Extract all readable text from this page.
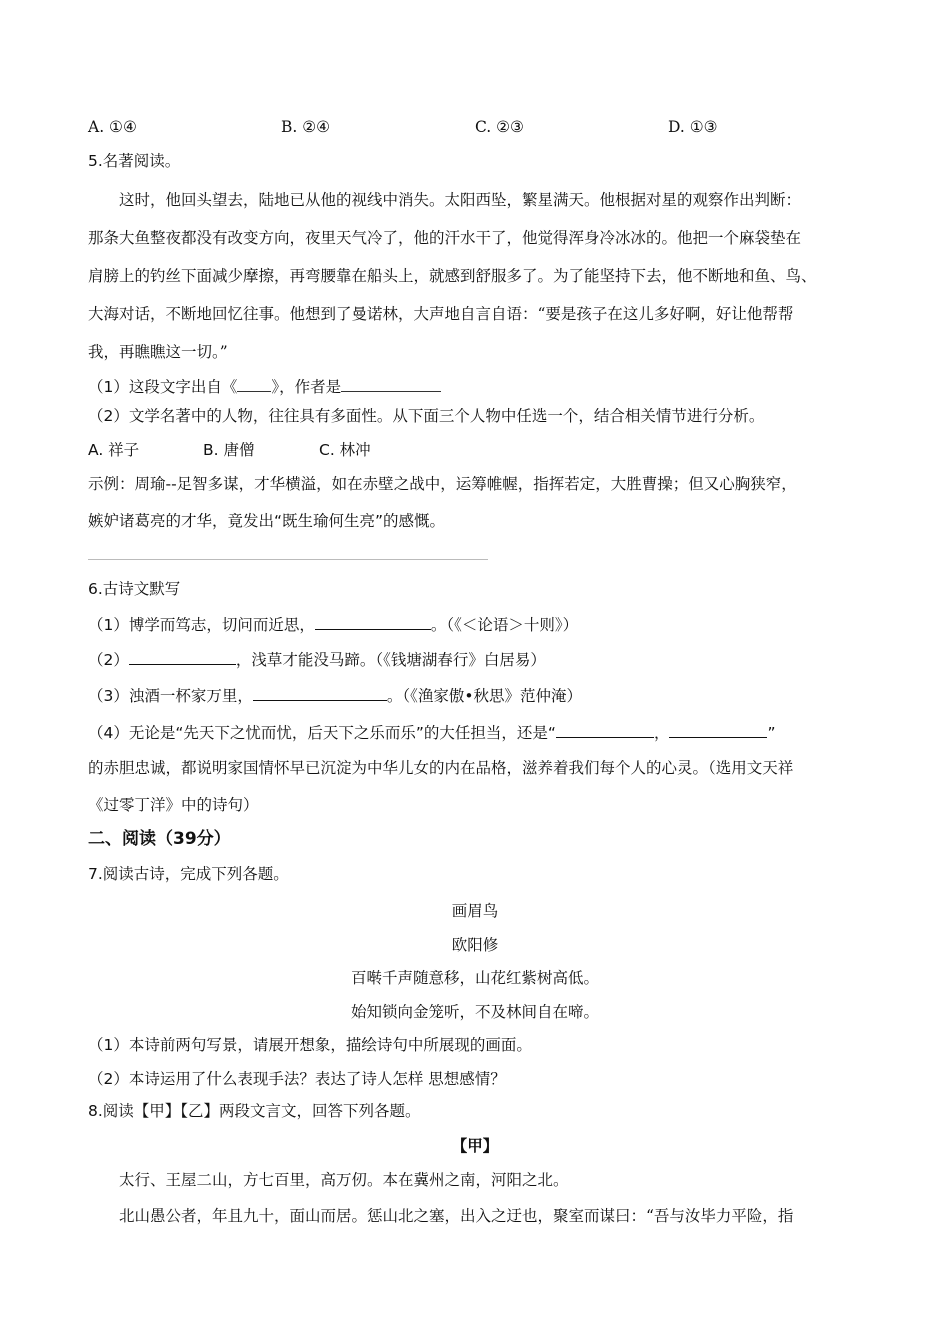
A. ①④	B. ②④	C. ②③	D. ①③
5.名著阅读。
这时，他回头望去，陆地已从他的视线中消失。太阳西坠，繁星满天。他根据对星的观察作出判断：
那条大鱼整夜都没有改变方向，夜里天气冷了，他的汗水干了，他觉得浑身冷冰冰的。他把一个麻袋垫在
肩膀上的钓丝下面减少摩擦，再弯腰靠在船头上，就感到舒服多了。为了能坚持下去，他不断地和鱼、鸟、
大海对话，不断地回忆往事。他想到了曼诺林，大声地自言自语：“要是孩子在这儿多好啊，好让他帮帮
我，再瞧瞧这一切。”
（1）这段文字出自《 》，作者是
（2）文学名著中的人物，往往具有多面性。从下面三个人物中任选一个，结合相关情节进行分析。
A. 祥子	B. 唐僧	C. 林冲
示例：周瑜--足智多谋，才华横溢，如在赤壁之战中，运筹帷幄，指挥若定，大胜曹操；但又心胸狭窄，
嫉妒诸葛亮的才华，竟发出“既生瑜何生亮”的感慨。
6.古诗文默写
（1）博学而笃志，切问而近思，	。（《＜论语＞十则》）
（2）	，浅草才能没马蹄。（《钱塘湖春行》白居易）
（3）浊酒一杯家万里，	。（《渔家傲•秋思》范仲淹）
（4）无论是“先天下之忧而忧，后天下之乐而乐”的大任担当，还是“	，	”
的赤胆忠诚，都说明家国情怀早已沉淀为中华儿女的内在品格，滋养着我们每个人的心灵。（选用文天祥
《过零丁洋》中的诗句）
二、阅读（39分）
7.阅读古诗，完成下列各题。
画眉鸟
欧阳修
百啭千声随意移，山花红紫树高低。
始知锁向金笼听，不及林间自在啼。
（1）本诗前两句写景，请展开想象，描绘诗句中所展现的画面。
（2）本诗运用了什么表现手法？表达了诗人怎样 思想感情？
8.阅读【甲】【乙】两段文言文，回答下列各题。
【甲】
太行、王屋二山，方七百里，高万仞。本在冀州之南，河阳之北。
北山愚公者，年且九十，面山而居。惩山北之塞，出入之迂也，聚室而谋曰：“吾与汝毕力平险，指
